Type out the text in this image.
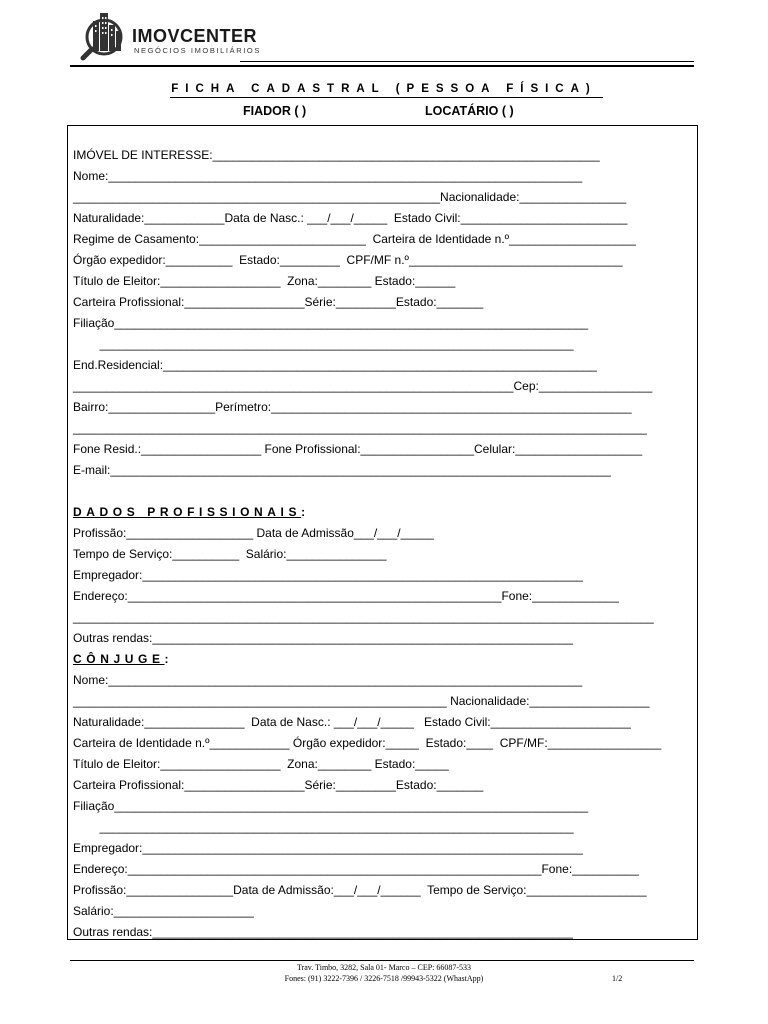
IMOVCENTER
NEGÓCIOS IMOBILIÁRIOS
FICHA CADASTRAL (PESSOA FÍSICA)
FIADOR ( )	LOCATÁRIO ( )
IMÓVEL DE INTERESSE:__________________________________________________________
Nome:_______________________________________________________________________
_______________________________________________________Nacionalidade:________________
Naturalidade:____________Data de Nasc.: ___/___/_____  Estado Civil:_________________________
Regime de Casamento:_________________________  Carteira de Identidade n.º___________________
Órgão expedidor:__________  Estado:_________  CPF/MF n.º________________________________
Título de Eleitor:__________________  Zona:________ Estado:______
Carteira Profissional:__________________Série:_________Estado:_______
Filiação_______________________________________________________________________
_______________________________________________________________________
End.Residencial:_________________________________________________________________
__________________________________________________________________Cep:_________________
Bairro:________________Perímetro:______________________________________________________
______________________________________________________________________________________
Fone Resid.:__________________ Fone Profissional:_________________Celular:___________________
E-mail:___________________________________________________________________________
DADOS PROFISSIONAIS:
Profissão:___________________ Data de Admissão___/___/_____
Tempo de Serviço:__________  Salário:_______________
Empregador:__________________________________________________________________
Endereço:________________________________________________________Fone:_____________
_______________________________________________________________________________________
Outras rendas:_______________________________________________________________
CÔNJUGE:
Nome:_______________________________________________________________________
________________________________________________________ Nacionalidade:__________________
Naturalidade:_______________  Data de Nasc.: ___/___/_____   Estado Civil:_____________________
Carteira de Identidade n.º____________ Órgão expedidor:_____  Estado:____  CPF/MF:_________________
Título de Eleitor:__________________  Zona:________ Estado:_____
Carteira Profissional:__________________Série:_________Estado:_______
Filiação_______________________________________________________________________
_______________________________________________________________________
Empregador:__________________________________________________________________
Endereço:______________________________________________________________Fone:__________
Profissão:________________Data de Admissão:___/___/______  Tempo de Serviço:__________________
Salário:_____________________
Outras rendas:_______________________________________________________________
Trav. Timbo, 3282, Sala 01- Marco – CEP: 66087-533
Fones: (91) 3222-7396 / 3226-7518 /99943-5322 (WhastApp)	1/2
